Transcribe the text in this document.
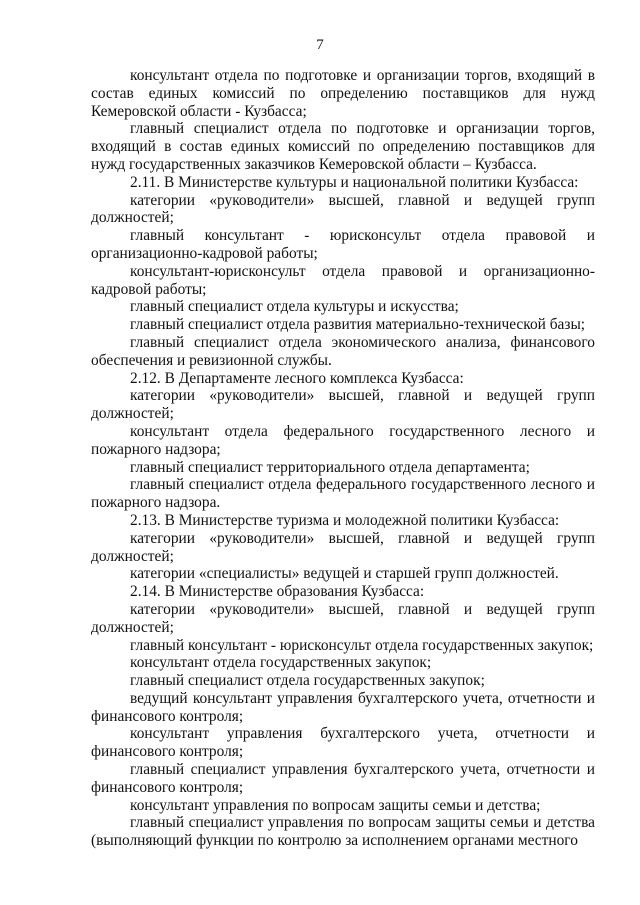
7

консультант отдела по подготовке и организации торгов, входящий в состав единых комиссий по определению поставщиков для нужд Кемеровской области - Кузбасса;

главный специалист отдела по подготовке и организации торгов, входящий в состав единых комиссий по определению поставщиков для нужд государственных заказчиков Кемеровской области – Кузбасса.

2.11. В Министерстве культуры и национальной политики Кузбасса:

категории «руководители» высшей, главной и ведущей групп должностей;

главный консультант - юрисконсульт отдела правовой и организационно-кадровой работы;

консультант-юрисконсульт отдела правовой и организационно-кадровой работы;

главный специалист отдела культуры и искусства;

главный специалист отдела развития материально-технической базы;

главный специалист отдела экономического анализа, финансового обеспечения и ревизионной службы.

2.12. В Департаменте лесного комплекса Кузбасса:

категории «руководители» высшей, главной и ведущей групп должностей;

консультант отдела федерального государственного лесного и пожарного надзора;

главный специалист территориального отдела департамента;

главный специалист отдела федерального государственного лесного и пожарного надзора.

2.13. В Министерстве туризма и молодежной политики Кузбасса:

категории «руководители» высшей, главной и ведущей групп должностей;

категории «специалисты» ведущей и старшей групп должностей.

2.14. В Министерстве образования Кузбасса:

категории «руководители» высшей, главной и ведущей групп должностей;

главный консультант - юрисконсульт отдела государственных закупок;

консультант отдела государственных закупок;

главный специалист отдела государственных закупок;

ведущий консультант управления бухгалтерского учета, отчетности и финансового контроля;

консультант управления бухгалтерского учета, отчетности и финансового контроля;

главный специалист управления бухгалтерского учета, отчетности и финансового контроля;

консультант управления по вопросам защиты семьи и детства;

главный специалист управления по вопросам защиты семьи и детства (выполняющий функции по контролю за исполнением органами местного
